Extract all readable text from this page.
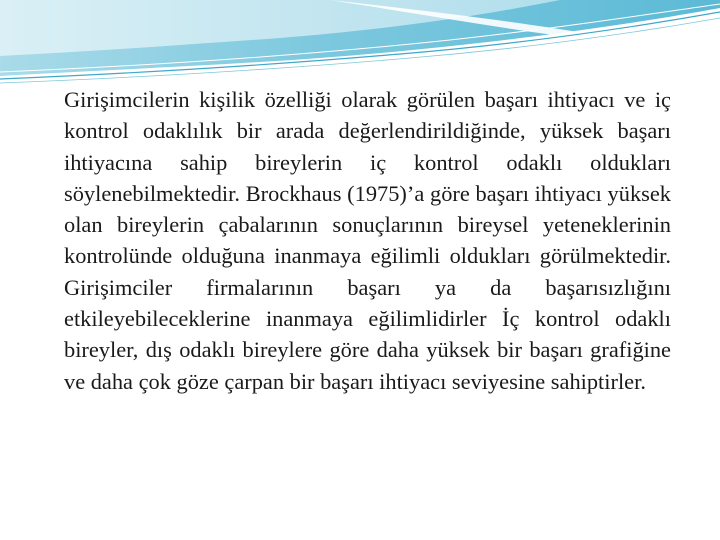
Girişimcilerin kişilik özelliği olarak görülen başarı ihtiyacı ve iç kontrol odaklılık bir arada değerlendirildiğinde, yüksek başarı ihtiyacına sahip bireylerin iç kontrol odaklı oldukları söylenebilmektedir. Brockhaus (1975)’a göre başarı ihtiyacı yüksek olan bireylerin çabalarının sonuçlarının bireysel yeteneklerinin kontrolünde olduğuna inanmaya eğilimli oldukları görülmektedir. Girişimciler firmalarının başarı ya da başarısızlığını etkileyebileceklerine inanmaya eğilimlidirler İç kontrol odaklı bireyler, dış odaklı bireylere göre daha yüksek bir başarı grafiğine ve daha çok göze çarpan bir başarı ihtiyacı seviyesine sahiptirler.
